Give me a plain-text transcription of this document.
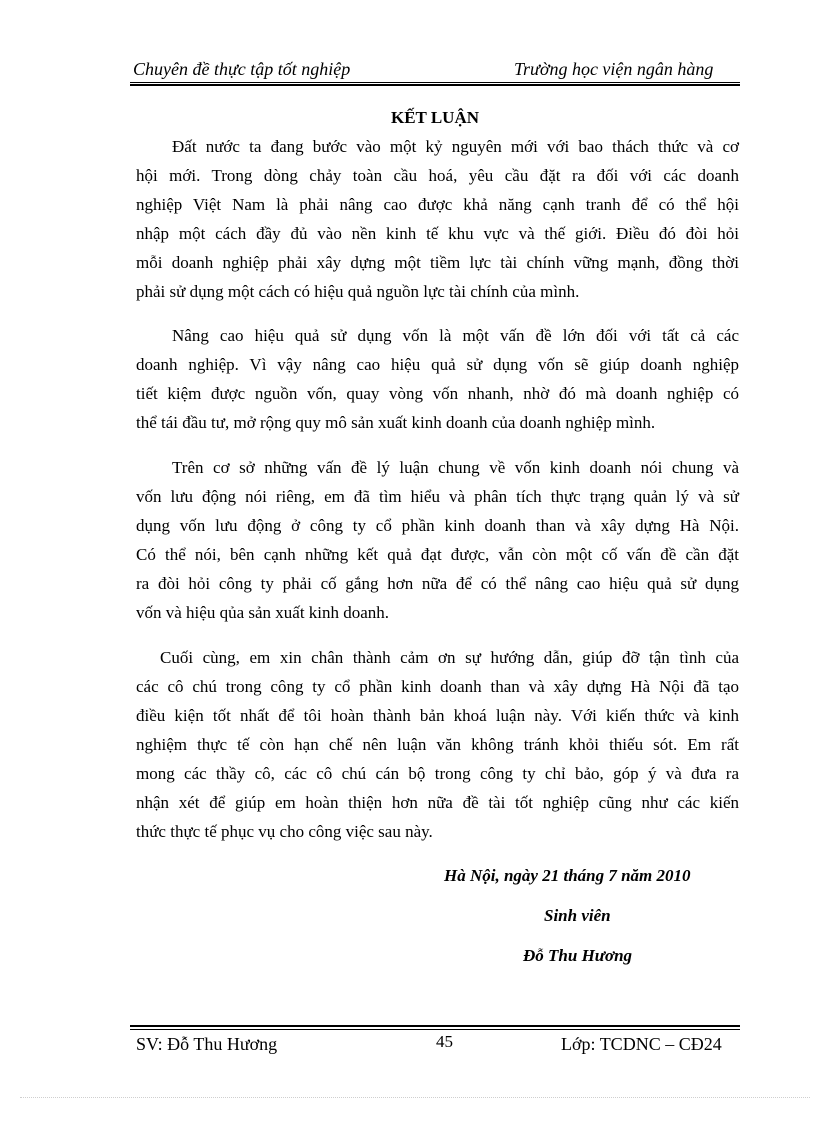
Chuyên đề thực tập tốt nghiệp	Trường học viện ngân hàng
KẾT LUẬN
Đất nước ta đang bước vào một kỷ nguyên mới với bao thách thức và cơ
hội mới. Trong dòng chảy toàn cầu hoá, yêu cầu đặt ra đối với các doanh
nghiệp Việt Nam là phải nâng cao được khả năng cạnh tranh để có thể hội
nhập một cách đầy đủ vào nền kinh tế khu vực và thế giới. Điều đó đòi hỏi
mỗi doanh nghiệp phải xây dựng một tiềm lực tài chính vững mạnh, đồng thời
phải sử dụng một cách có hiệu quả nguồn lực tài chính của mình.
Nâng cao hiệu quả sử dụng vốn là một vấn đề lớn đối với tất cả các
doanh nghiệp. Vì vậy nâng cao hiệu quả sử dụng vốn sẽ giúp doanh nghiệp
tiết kiệm được nguồn vốn, quay vòng vốn nhanh, nhờ đó mà doanh nghiệp có
thể tái đầu tư, mở rộng quy mô sản xuất kinh doanh của doanh nghiệp mình.
Trên cơ sở những vấn đề lý luận chung về vốn kinh doanh nói chung và
vốn lưu động nói riêng, em đã tìm hiểu và phân tích thực trạng quản lý và sử
dụng vốn lưu động ở công ty cổ phần kinh doanh than và xây dựng Hà Nội.
Có thể nói, bên cạnh những kết quả đạt được, vẫn còn một cố vấn đề cần đặt
ra đòi hỏi công ty phải cố gắng hơn nữa để có thể nâng cao hiệu quả sử dụng
vốn và hiệu qủa sản xuất kinh doanh.
Cuối cùng, em xin chân thành cảm ơn sự hướng dẫn, giúp đỡ tận tình của
các cô chú trong công ty cổ phần kinh doanh than và xây dựng Hà Nội đã tạo
điều kiện tốt nhất để tôi hoàn thành bản khoá luận này. Với kiến thức và kinh
nghiệm thực tế còn hạn chế nên luận văn không tránh khỏi thiếu sót. Em rất
mong các thầy cô, các cô chú cán bộ trong công ty chỉ bảo, góp ý và đưa ra
nhận xét để giúp em hoàn thiện hơn nữa đề tài tốt nghiệp cũng như các kiến
thức thực tế phục vụ cho công việc sau này.
Hà Nội, ngày 21 tháng 7 năm 2010
Sinh viên
Đỗ Thu Hương
SV: Đỗ Thu Hương	45	Lớp: TCDNC – CĐ24
